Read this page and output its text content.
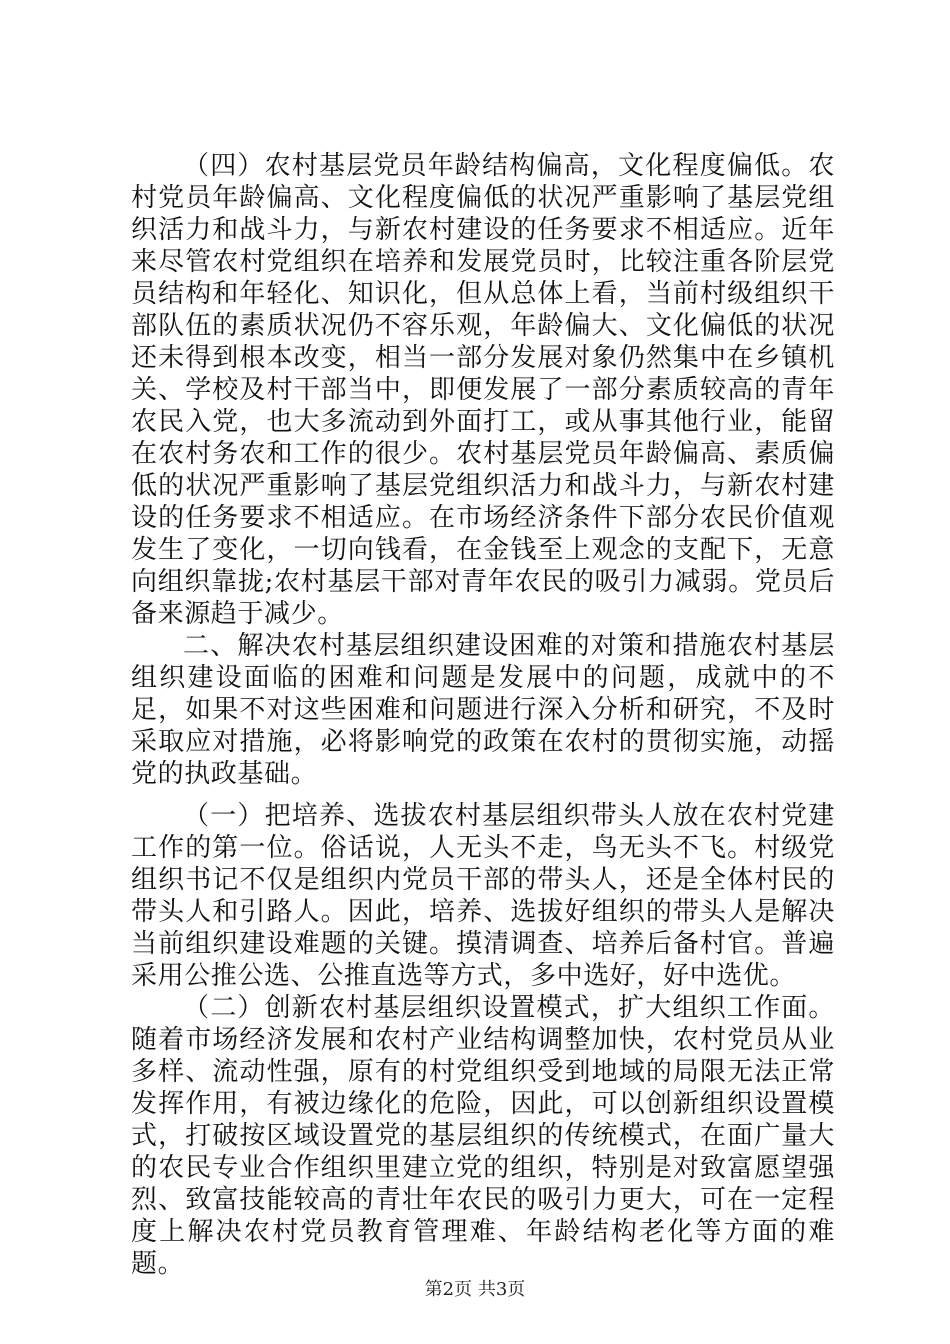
（四）农村基层党员年龄结构偏高，文化程度偏低。农村党员年龄偏高、文化程度偏低的状况严重影响了基层党组织活力和战斗力，与新农村建设的任务要求不相适应。近年来尽管农村党组织在培养和发展党员时，比较注重各阶层党员结构和年轻化、知识化，但从总体上看，当前村级组织干部队伍的素质状况仍不容乐观，年龄偏大、文化偏低的状况还未得到根本改变，相当一部分发展对象仍然集中在乡镇机关、学校及村干部当中，即便发展了一部分素质较高的青年农民入党，也大多流动到外面打工，或从事其他行业，能留在农村务农和工作的很少。农村基层党员年龄偏高、素质偏低的状况严重影响了基层党组织活力和战斗力，与新农村建设的任务要求不相适应。在市场经济条件下部分农民价值观发生了变化，一切向钱看，在金钱至上观念的支配下，无意向组织靠拢;农村基层干部对青年农民的吸引力减弱。党员后备来源趋于减少。

二、解决农村基层组织建设困难的对策和措施农村基层组织建设面临的困难和问题是发展中的问题，成就中的不足，如果不对这些困难和问题进行深入分析和研究，不及时采取应对措施，必将影响党的政策在农村的贯彻实施，动摇党的执政基础。

（一）把培养、选拔农村基层组织带头人放在农村党建工作的第一位。俗话说，人无头不走，鸟无头不飞。村级党组织书记不仅是组织内党员干部的带头人，还是全体村民的带头人和引路人。因此，培养、选拔好组织的带头人是解决当前组织建设难题的关键。摸清调查、培养后备村官。普遍采用公推公选、公推直选等方式，多中选好，好中选优。

（二）创新农村基层组织设置模式，扩大组织工作面。随着市场经济发展和农村产业结构调整加快，农村党员从业多样、流动性强，原有的村党组织受到地域的局限无法正常发挥作用，有被边缘化的危险，因此，可以创新组织设置模式，打破按区域设置党的基层组织的传统模式，在面广量大的农民专业合作组织里建立党的组织，特别是对致富愿望强烈、致富技能较高的青壮年农民的吸引力更大，可在一定程度上解决农村党员教育管理难、年龄结构老化等方面的难题。

第2页 共3页
